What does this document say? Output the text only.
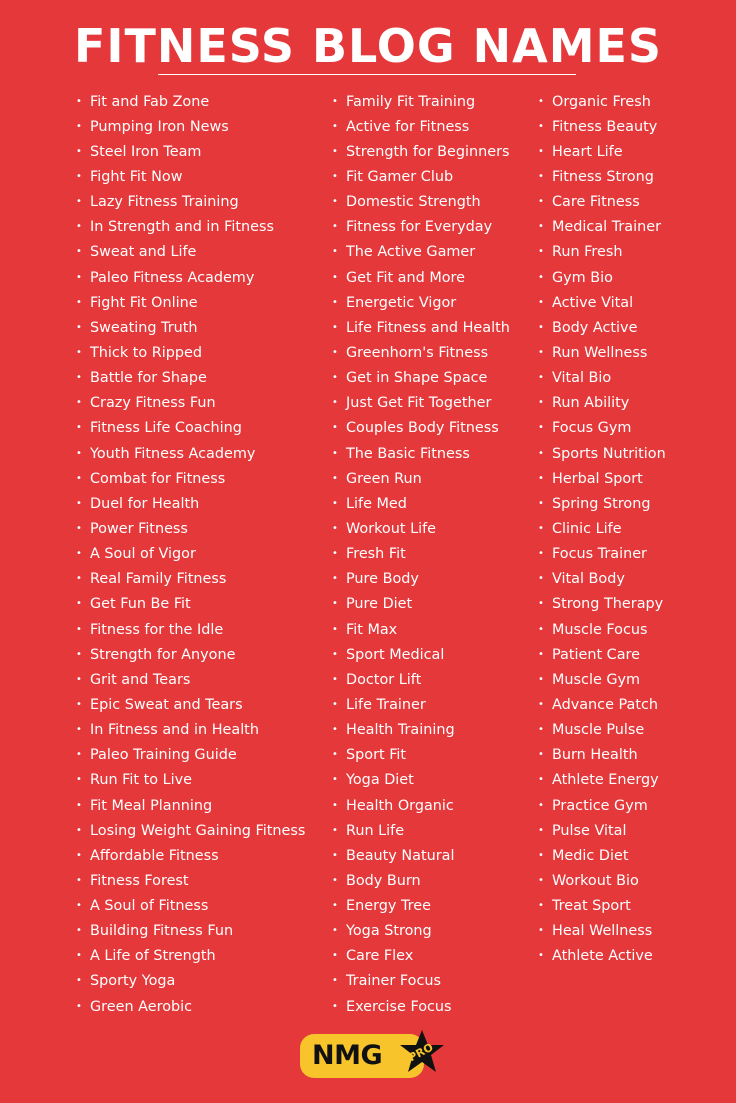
FITNESS BLOG NAMES
• Fit and Fab Zone
• Pumping Iron News
• Steel Iron Team
• Fight Fit Now
• Lazy Fitness Training
• In Strength and in Fitness
• Sweat and Life
• Paleo Fitness Academy
• Fight Fit Online
• Sweating Truth
• Thick to Ripped
• Battle for Shape
• Crazy Fitness Fun
• Fitness Life Coaching
• Youth Fitness Academy
• Combat for Fitness
• Duel for Health
• Power Fitness
• A Soul of Vigor
• Real Family Fitness
• Get Fun Be Fit
• Fitness for the Idle
• Strength for Anyone
• Grit and Tears
• Epic Sweat and Tears
• In Fitness and in Health
• Paleo Training Guide
• Run Fit to Live
• Fit Meal Planning
• Losing Weight Gaining Fitness
• Affordable Fitness
• Fitness Forest
• A Soul of Fitness
• Building Fitness Fun
• A Life of Strength
• Sporty Yoga
• Green Aerobic
• Family Fit Training
• Active for Fitness
• Strength for Beginners
• Fit Gamer Club
• Domestic Strength
• Fitness for Everyday
• The Active Gamer
• Get Fit and More
• Energetic Vigor
• Life Fitness and Health
• Greenhorn's Fitness
• Get in Shape Space
• Just Get Fit Together
• Couples Body Fitness
• The Basic Fitness
• Green Run
• Life Med
• Workout Life
• Fresh Fit
• Pure Body
• Pure Diet
• Fit Max
• Sport Medical
• Doctor Lift
• Life Trainer
• Health Training
• Sport Fit
• Yoga Diet
• Health Organic
• Run Life
• Beauty Natural
• Body Burn
• Energy Tree
• Yoga Strong
• Care Flex
• Trainer Focus
• Exercise Focus
• Organic Fresh
• Fitness Beauty
• Heart Life
• Fitness Strong
• Care Fitness
• Medical Trainer
• Run Fresh
• Gym Bio
• Active Vital
• Body Active
• Run Wellness
• Vital Bio
• Run Ability
• Focus Gym
• Sports Nutrition
• Herbal Sport
• Spring Strong
• Clinic Life
• Focus Trainer
• Vital Body
• Strong Therapy
• Muscle Focus
• Patient Care
• Muscle Gym
• Advance Patch
• Muscle Pulse
• Burn Health
• Athlete Energy
• Practice Gym
• Pulse Vital
• Medic Diet
• Workout Bio
• Treat Sport
• Heal Wellness
• Athlete Active
NMG PRO
